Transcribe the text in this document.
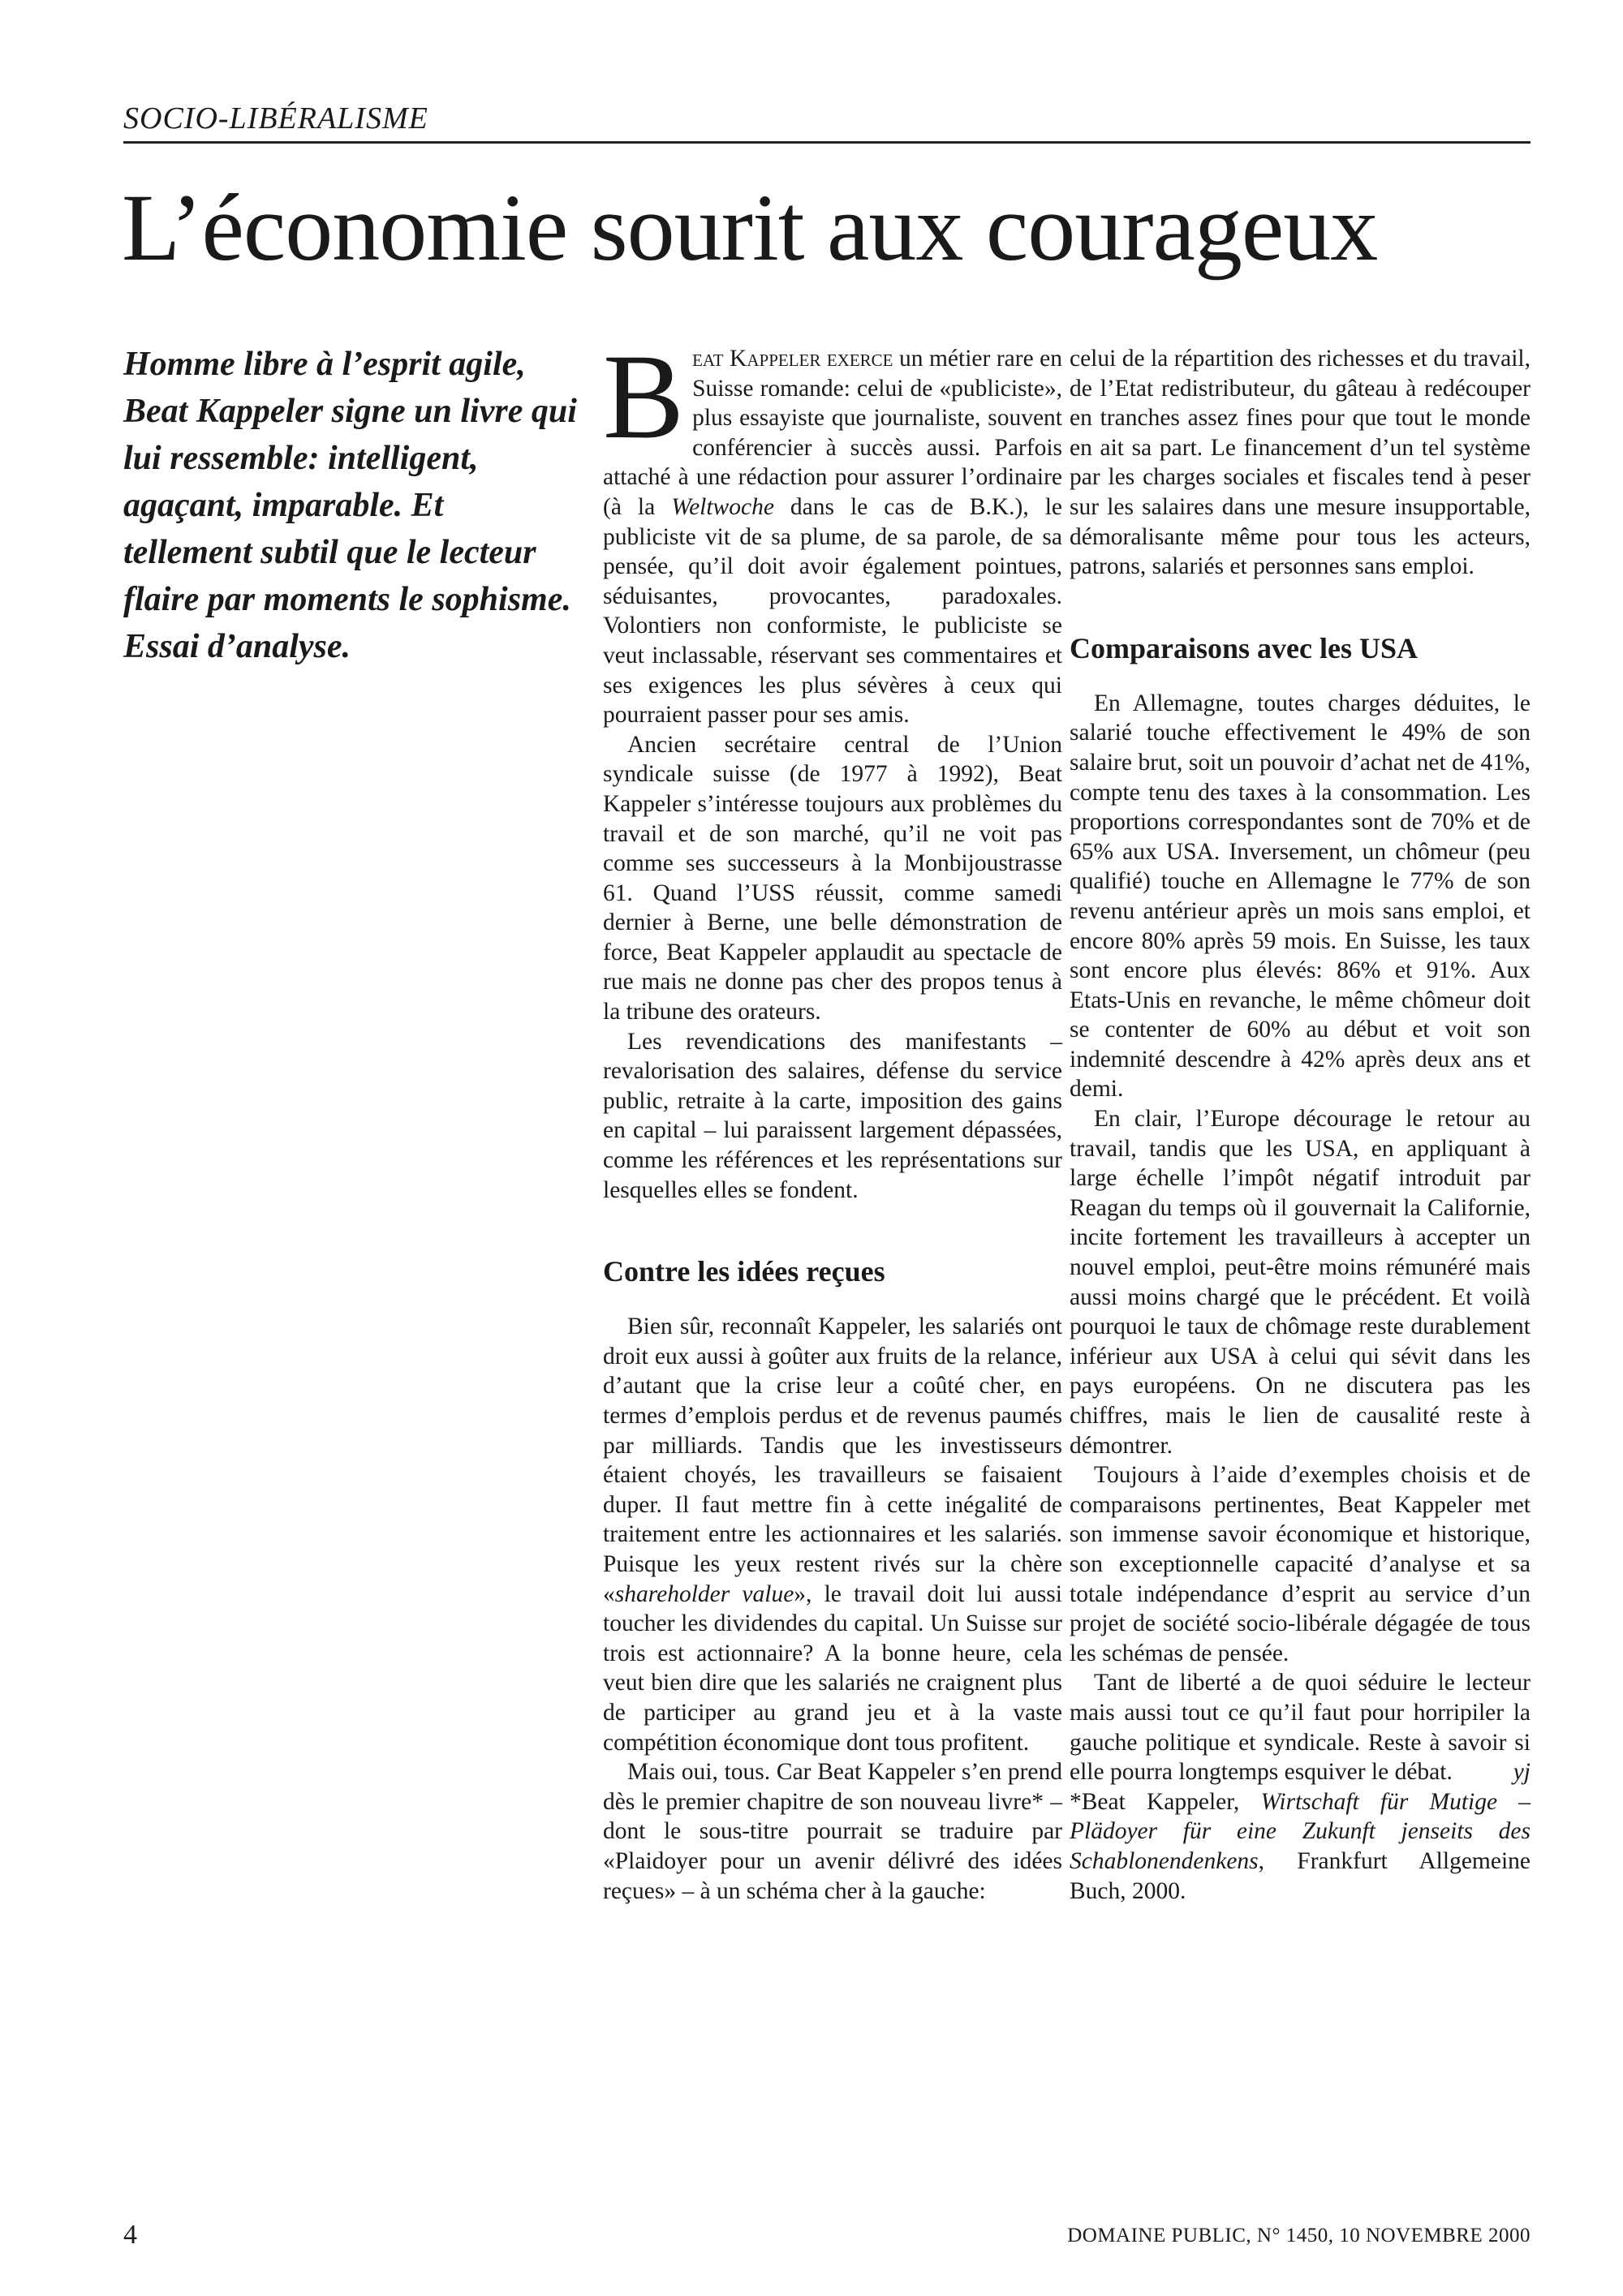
SOCIO-LIBÉRALISME
L’économie sourit aux courageux
Homme libre à l’esprit agile, Beat Kappeler signe un livre qui lui ressemble: intelligent, agaçant, imparable. Et tellement subtil que le lecteur flaire par moments le sophisme. Essai d’analyse.

Beat Kappeler exerce un métier rare en Suisse romande: celui de «publiciste», plus essayiste que journaliste, souvent conférencier à succès aussi. Parfois attaché à une rédaction pour assurer l’ordinaire (à la Weltwoche dans le cas de B.K.), le publiciste vit de sa plume, de sa parole, de sa pensée, qu’il doit avoir également pointues, séduisantes, provocantes, paradoxales. Volontiers non conformiste, le publiciste se veut inclassable, réservant ses commentaires et ses exigences les plus sévères à ceux qui pourraient passer pour ses amis.

Ancien secrétaire central de l’Union syndicale suisse (de 1977 à 1992), Beat Kappeler s’intéresse toujours aux problèmes du travail et de son marché, qu’il ne voit pas comme ses successeurs à la Monbijoustrasse 61. Quand l’USS réussit, comme samedi dernier à Berne, une belle démonstration de force, Beat Kappeler applaudit au spectacle de rue mais ne donne pas cher des propos tenus à la tribune des orateurs.

Les revendications des manifestants – revalorisation des salaires, défense du service public, retraite à la carte, imposition des gains en capital – lui paraissent largement dépassées, comme les références et les représentations sur lesquelles elles se fondent.

Contre les idées reçues

Bien sûr, reconnaît Kappeler, les salariés ont droit eux aussi à goûter aux fruits de la relance, d’autant que la crise leur a coûté cher, en termes d’emplois perdus et de revenus paumés par milliards. Tandis que les investisseurs étaient choyés, les travailleurs se faisaient duper. Il faut mettre fin à cette inégalité de traitement entre les actionnaires et les salariés. Puisque les yeux restent rivés sur la chère «shareholder value», le travail doit lui aussi toucher les dividendes du capital. Un Suisse sur trois est actionnaire? A la bonne heure, cela veut bien dire que les salariés ne craignent plus de participer au grand jeu et à la vaste compétition économique dont tous profitent.

Mais oui, tous. Car Beat Kappeler s’en prend dès le premier chapitre de son nouveau livre* – dont le sous-titre pourrait se traduire par «Plaidoyer pour un avenir délivré des idées reçues» – à un schéma cher à la gauche:

celui de la répartition des richesses et du travail, de l’Etat redistributeur, du gâteau à redécouper en tranches assez fines pour que tout le monde en ait sa part. Le financement d’un tel système par les charges sociales et fiscales tend à peser sur les salaires dans une mesure insupportable, démoralisante même pour tous les acteurs, patrons, salariés et personnes sans emploi.

Comparaisons avec les USA

En Allemagne, toutes charges déduites, le salarié touche effectivement le 49% de son salaire brut, soit un pouvoir d’achat net de 41%, compte tenu des taxes à la consommation. Les proportions correspondantes sont de 70% et de 65% aux USA. Inversement, un chômeur (peu qualifié) touche en Allemagne le 77% de son revenu antérieur après un mois sans emploi, et encore 80% après 59 mois. En Suisse, les taux sont encore plus élevés: 86% et 91%. Aux Etats-Unis en revanche, le même chômeur doit se contenter de 60% au début et voit son indemnité descendre à 42% après deux ans et demi.

En clair, l’Europe décourage le retour au travail, tandis que les USA, en appliquant à large échelle l’impôt négatif introduit par Reagan du temps où il gouvernait la Californie, incite fortement les travailleurs à accepter un nouvel emploi, peut-être moins rémunéré mais aussi moins chargé que le précédent. Et voilà pourquoi le taux de chômage reste durablement inférieur aux USA à celui qui sévit dans les pays européens. On ne discutera pas les chiffres, mais le lien de causalité reste à démontrer.

Toujours à l’aide d’exemples choisis et de comparaisons pertinentes, Beat Kappeler met son immense savoir économique et historique, son exceptionnelle capacité d’analyse et sa totale indépendance d’esprit au service d’un projet de société socio-libérale dégagée de tous les schémas de pensée.

Tant de liberté a de quoi séduire le lecteur mais aussi tout ce qu’il faut pour horripiler la gauche politique et syndicale. Reste à savoir si elle pourra longtemps esquiver le débat.	yj

*Beat Kappeler, Wirtschaft für Mutige – Plädoyer für eine Zukunft jenseits des Schablonendenkens, Frankfurt Allgemeine Buch, 2000.

4	DOMAINE PUBLIC, N° 1450, 10 NOVEMBRE 2000
